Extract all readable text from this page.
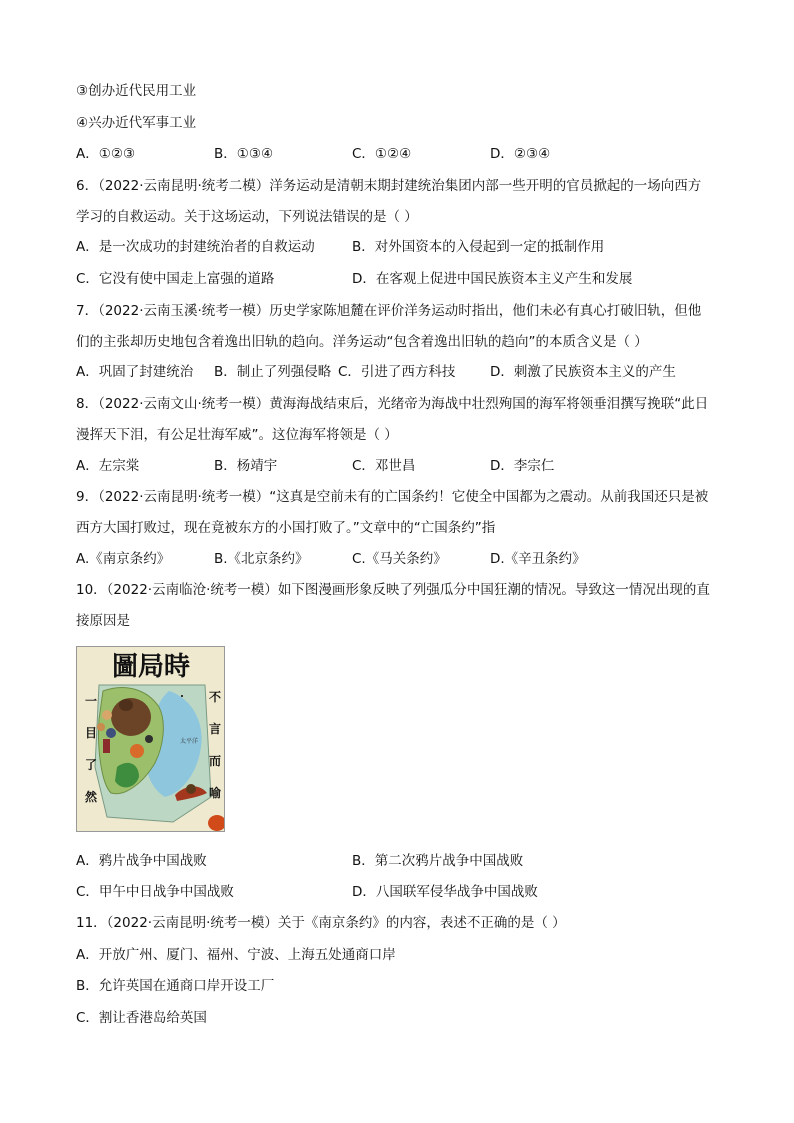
③创办近代民用工业
④兴办近代军事工业
A．①②③	B．①③④	C．①②④	D．②③④
6．（2022·云南昆明·统考二模）洋务运动是清朝末期封建统治集团内部一些开明的官员掀起的一场向西方
学习的自救运动。关于这场运动，下列说法错误的是（ ）
A．是一次成功的封建统治者的自救运动	B．对外国资本的入侵起到一定的抵制作用
C．它没有使中国走上富强的道路	D．在客观上促进中国民族资本主义产生和发展
7．（2022·云南玉溪·统考一模）历史学家陈旭麓在评价洋务运动时指出，他们未必有真心打破旧轨，但他
们的主张却历史地包含着逸出旧轨的趋向。洋务运动“包含着逸出旧轨的趋向”的本质含义是（ ）
A．巩固了封建统治 B．制止了列强侵略 C．引进了西方科技	D．刺激了民族资本主义的产生
8．（2022·云南文山·统考一模）黄海海战结束后，光绪帝为海战中壮烈殉国的海军将领垂泪撰写挽联“此日
漫挥天下泪，有公足壮海军威”。这位海军将领是（ ）
A．左宗棠	B．杨靖宇	C．邓世昌	D．李宗仁
9．（2022·云南昆明·统考一模）“这真是空前未有的亡国条约！它使全中国都为之震动。从前我国还只是被
西方大国打败过，现在竟被东方的小国打败了。”文章中的“亡国条约”指
A.《南京条约》	B.《北京条约》	C.《马关条约》	D.《辛丑条约》
10．（2022·云南临沧·统考一模）如下图漫画形象反映了列强瓜分中国狂潮的情况。导致这一情况出现的直
接原因是
圖局時
太平洋
一
目
了
然
不
言
而
喻
A．鸦片战争中国战败	B．第二次鸦片战争中国战败
C．甲午中日战争中国战败	D．八国联军侵华战争中国战败
11．（2022·云南昆明·统考一模）关于《南京条约》的内容，表述不正确的是（ ）
A．开放广州、厦门、福州、宁波、上海五处通商口岸
B．允许英国在通商口岸开设工厂
C．割让香港岛给英国
